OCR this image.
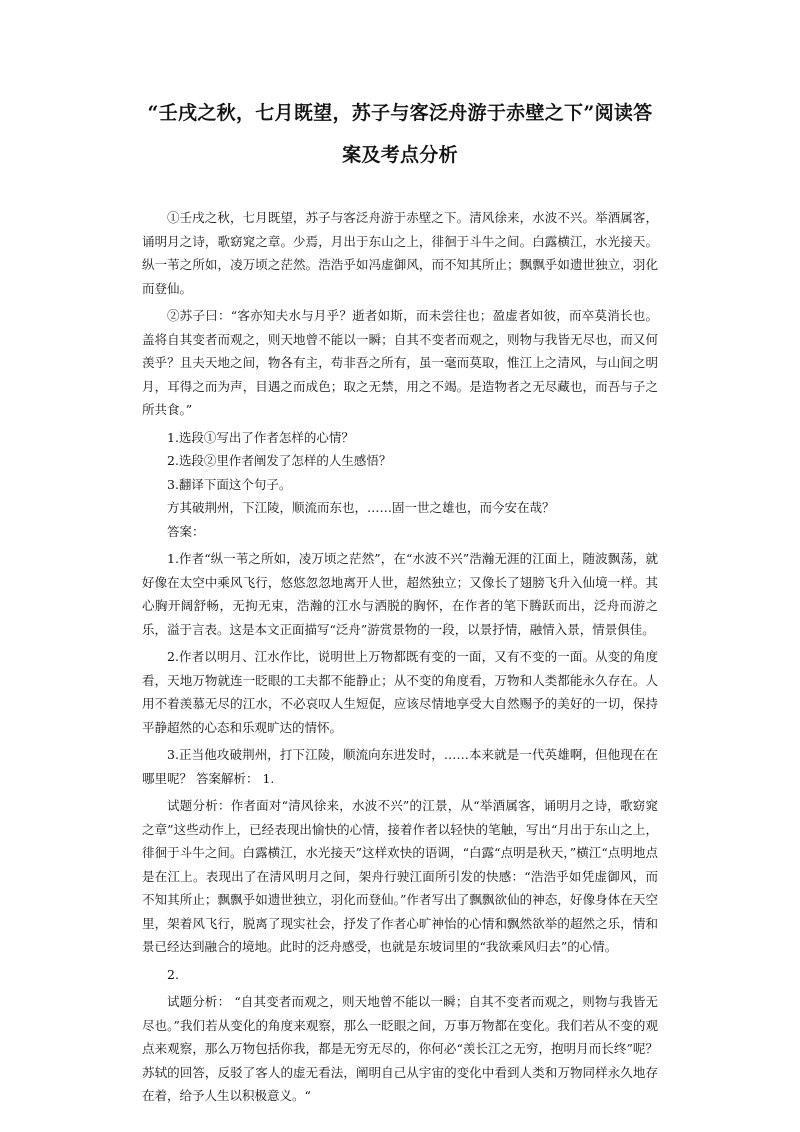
“壬戌之秋，七月既望，苏子与客泛舟游于赤壁之下”阅读答案及考点分析

①壬戌之秋，七月既望，苏子与客泛舟游于赤壁之下。清风徐来，水波不兴。举酒属客，诵明月之诗，歌窈窕之章。少焉，月出于东山之上，徘徊于斗牛之间。白露横江，水光接天。纵一苇之所如，凌万顷之茫然。浩浩乎如冯虚御风，而不知其所止；飘飘乎如遗世独立，羽化而登仙。

②苏子曰：“客亦知夫水与月乎？逝者如斯，而未尝往也；盈虚者如彼，而卒莫消长也。盖将自其变者而观之，则天地曾不能以一瞬；自其不变者而观之，则物与我皆无尽也，而又何羡乎？且夫天地之间，物各有主，苟非吾之所有，虽一毫而莫取，惟江上之清风，与山间之明月，耳得之而为声，目遇之而成色；取之无禁，用之不竭。是造物者之无尽藏也，而吾与子之所共食。”

1.选段①写出了作者怎样的心情？

2.选段②里作者阐发了怎样的人生感悟？

3.翻译下面这个句子。

方其破荆州，下江陵，顺流而东也，……固一世之雄也，而今安在哉？

答案：

1.作者“纵一苇之所如，凌万顷之茫然”，在“水波不兴”浩瀚无涯的江面上，随波飘荡，就好像在太空中乘风飞行，悠悠忽忽地离开人世，超然独立；又像长了翅膀飞升入仙境一样。其心胸开阔舒畅，无拘无束，浩瀚的江水与洒脱的胸怀，在作者的笔下腾跃而出，泛舟而游之乐，溢于言表。这是本文正面描写“泛舟”游赏景物的一段，以景抒情，融情入景，情景俱佳。

2.作者以明月、江水作比，说明世上万物都既有变的一面，又有不变的一面。从变的角度看，天地万物就连一眨眼的工夫都不能静止；从不变的角度看，万物和人类都能永久存在。人用不着羡慕无尽的江水，不必哀叹人生短促，应该尽情地享受大自然赐予的美好的一切，保持平静超然的心态和乐观旷达的情怀。

3.正当他攻破荆州，打下江陵，顺流向东进发时，……本来就是一代英雄啊，但他现在在哪里呢？ 答案解析： 1.

试题分析：作者面对“清风徐来，水波不兴”的江景，从“举酒属客，诵明月之诗，歌窈窕之章”这些动作上，已经表现出愉快的心情，接着作者以轻快的笔触，写出“月出于东山之上，徘徊于斗牛之间。白露横江，水光接天”这样欢快的语调，“白露“点明是秋天，”横江“点明地点是在江上。表现出了在清风明月之间，架舟行驶江面所引发的快感：“浩浩乎如凭虚御风，而不知其所止；飘飘乎如遗世独立，羽化而登仙。”作者写出了飘飘欲仙的神态，好像身体在天空里，架着风飞行，脱离了现实社会，抒发了作者心旷神怡的心情和飘然欲举的超然之乐，情和景已经达到融合的境地。此时的泛舟感受，也就是东坡词里的“我欲乘风归去”的心情。

2.

试题分析： “自其变者而观之，则天地曾不能以一瞬；自其不变者而观之，则物与我皆无尽也。”我们若从变化的角度来观察，那么一眨眼之间，万事万物都在变化。我们若从不变的观点来观察，那么万物包括你我，都是无穷无尽的，你何必“羡长江之无穷，抱明月而长终”呢？苏轼的回答，反驳了客人的虚无看法，阐明自己从宇宙的变化中看到人类和万物同样永久地存在着，给予人生以积极意义。“
